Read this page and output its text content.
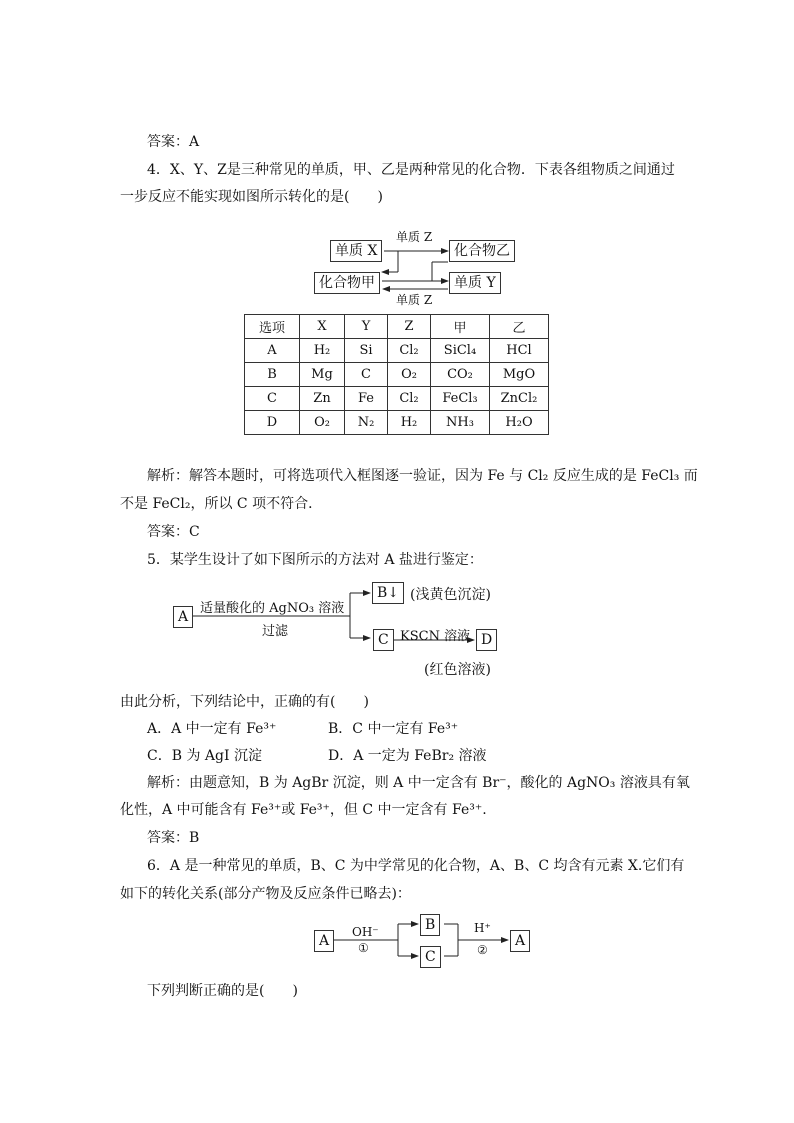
答案：A
4．X、Y、Z是三种常见的单质，甲、乙是两种常见的化合物．下表各组物质之间通过
一步反应不能实现如图所示转化的是(　　)
单质 X	化合物乙
化合物甲	单质 Y
单质 Z
单质 Z
选项	X	Y	Z	甲	乙
A	H₂	Si	Cl₂	SiCl₄	HCl
B	Mg	C	O₂	CO₂	MgO
C	Zn	Fe	Cl₂	FeCl₃	ZnCl₂
D	O₂	N₂	H₂	NH₃	H₂O
解析：解答本题时，可将选项代入框图逐一验证，因为 Fe 与 Cl₂ 反应生成的是 FeCl₃ 而
不是 FeCl₂，所以 C 项不符合．
答案：C
5．某学生设计了如下图所示的方法对 A 盐进行鉴定：
A
适量酸化的 AgNO₃ 溶液
过滤
B↓ (浅黄色沉淀)
C KSCN 溶液 D
(红色溶液)
由此分析，下列结论中，正确的有(　　)
A．A 中一定有 Fe³⁺	B．C 中一定有 Fe³⁺
C．B 为 AgI 沉淀	D．A 一定为 FeBr₂ 溶液
解析：由题意知，B 为 AgBr 沉淀，则 A 中一定含有 Br⁻，酸化的 AgNO₃ 溶液具有氧
化性，A 中可能含有 Fe³⁺或 Fe³⁺，但 C 中一定含有 Fe³⁺.
答案：B
6．A 是一种常见的单质，B、C 为中学常见的化合物，A、B、C 均含有元素 X.它们有
如下的转化关系(部分产物及反应条件已略去)：
A
OH⁻
①
B
C
H⁺
②
A
下列判断正确的是(　　)
